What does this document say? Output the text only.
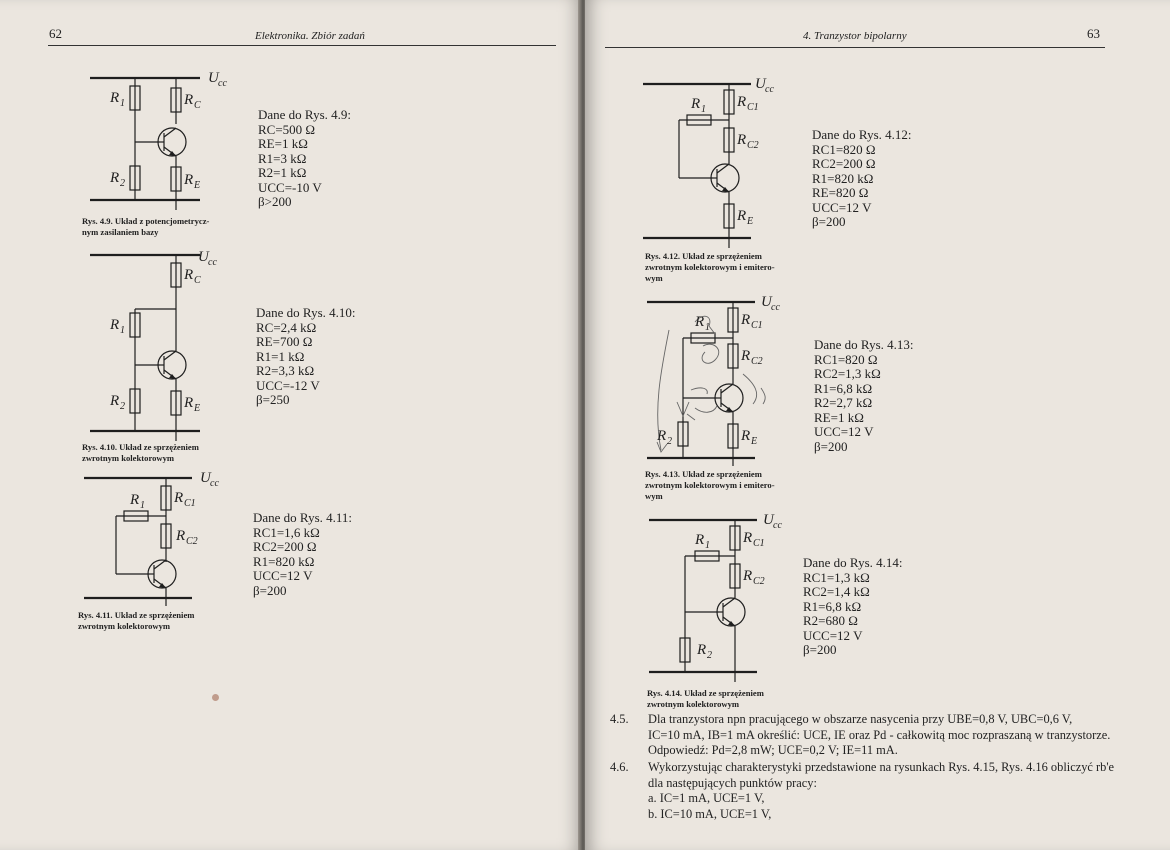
62	Elektronika. Zbiór zadań
U cc
R 1
R 2
R C
R E
Rys. 4.9. Układ z potencjometrycz-
nym zasilaniem bazy
Dane do Rys. 4.9:
RC=500 Ω
RE=1 kΩ
R1=3 kΩ
R2=1 kΩ
UCC=-10 V
β>200
U cc
R 1
R 2
R C
R E
Rys. 4.10. Układ ze sprzężeniem
zwrotnym kolektorowym
Dane do Rys. 4.10:
RC=2,4 kΩ
RE=700 Ω
R1=1 kΩ
R2=3,3 kΩ
UCC=-12 V
β=250
U cc
R 1 R C1
R C2
Rys. 4.11. Układ ze sprzężeniem
zwrotnym kolektorowym
Dane do Rys. 4.11:
RC1=1,6 kΩ
RC2=200 Ω
R1=820 kΩ
UCC=12 V
β=200
4. Tranzystor bipolarny	63
U cc
R 1 R C1
R C2
R E
Rys. 4.12. Układ ze sprzężeniem
zwrotnym kolektorowym i emitero-
wym
Dane do Rys. 4.12:
RC1=820 Ω
RC2=200 Ω
R1=820 kΩ
RE=820 Ω
UCC=12 V
β=200
U cc
R 1 R C1
R C2
R 2	R E
Rys. 4.13. Układ ze sprzężeniem
zwrotnym kolektorowym i emitero-
wym
Dane do Rys. 4.13:
RC1=820 Ω
RC2=1,3 kΩ
R1=6,8 kΩ
R2=2,7 kΩ
RE=1 kΩ
UCC=12 V
β=200
U cc
R 1 R C1
R C2
R 2
Rys. 4.14. Układ ze sprzężeniem
zwrotnym kolektorowym
Dane do Rys. 4.14:
RC1=1,3 kΩ
RC2=1,4 kΩ
R1=6,8 kΩ
R2=680 Ω
UCC=12 V
β=200
4.5.	Dla tranzystora npn pracującego w obszarze nasycenia przy UBE=0,8 V, UBC=0,6 V,
IC=10 mA, IB=1 mA określić: UCE, IE oraz Pd - całkowitą moc rozpraszaną w tranzystorze.
Odpowiedź: Pd=2,8 mW; UCE=0,2 V; IE=11 mA.
4.6.	Wykorzystując charakterystyki przedstawione na rysunkach Rys. 4.15, Rys. 4.16 obliczyć rb'e
dla następujących punktów pracy:
a. IC=1 mA, UCE=1 V,
b. IC=10 mA, UCE=1 V,
